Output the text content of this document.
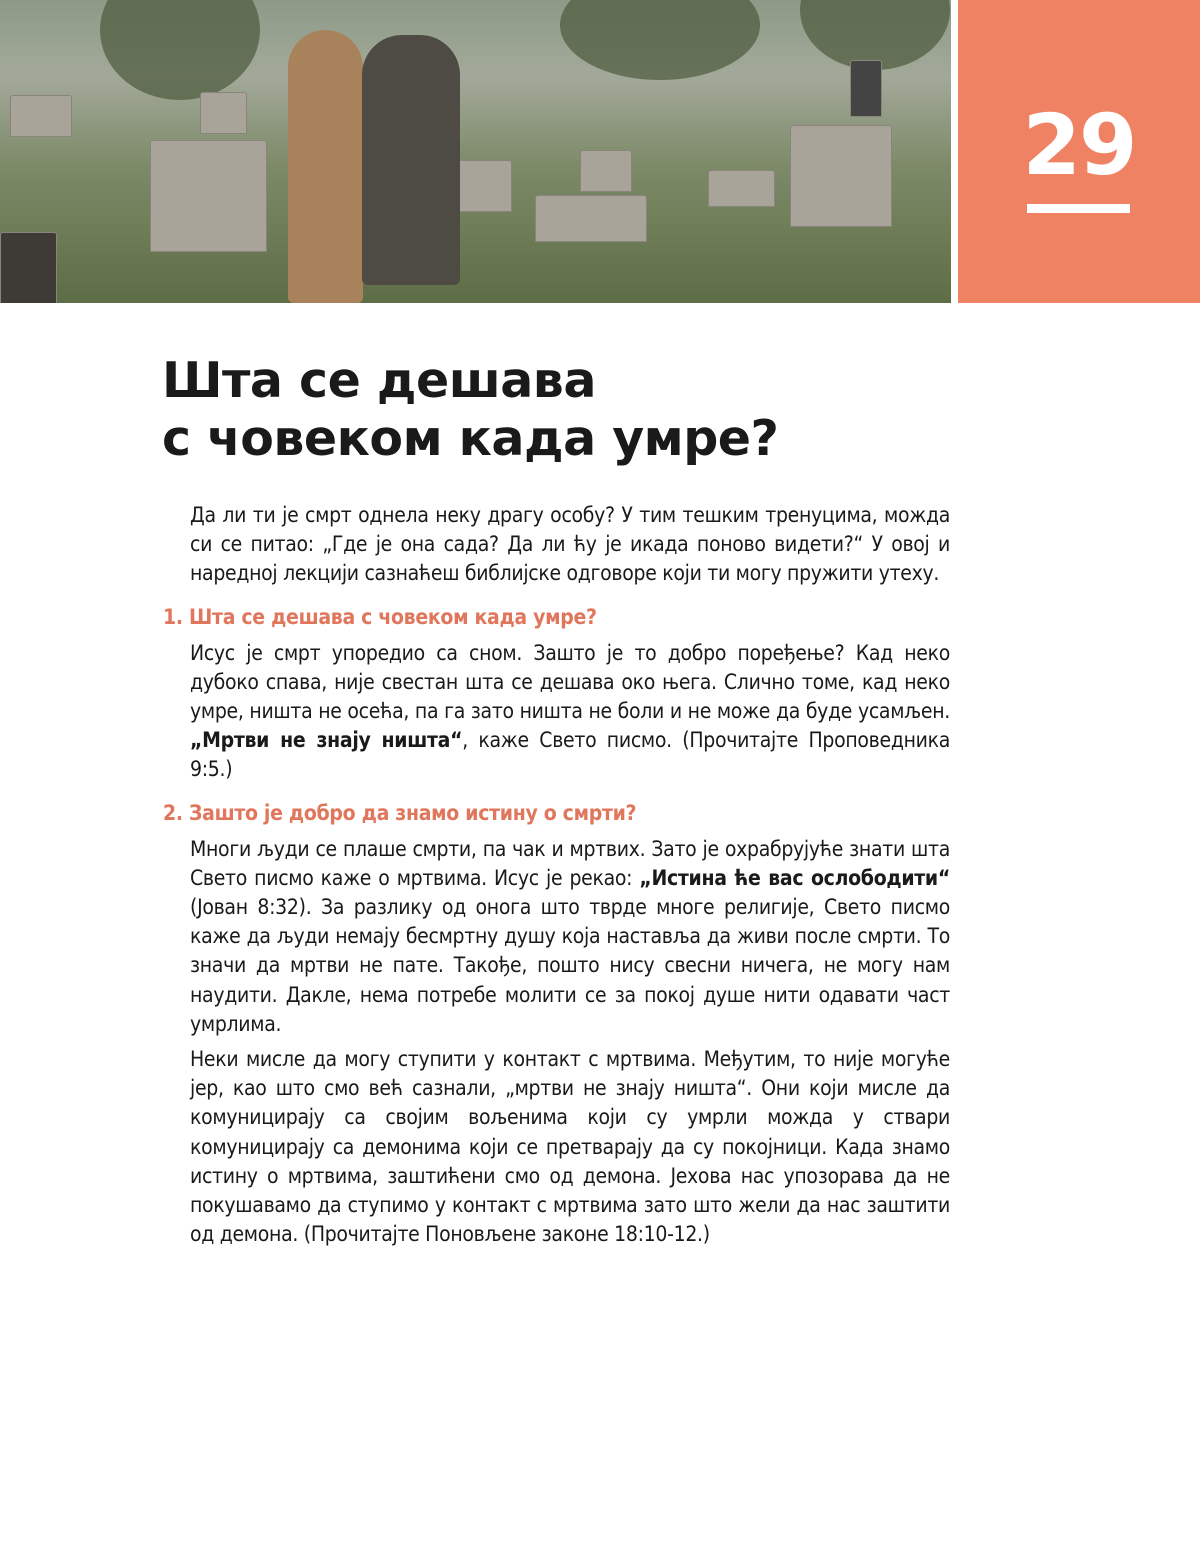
29
Шта се дешава
с човеком када умре?

Да ли ти је смрт однела неку драгу особу? У тим тешким тренуцима, можда си се питао: „Где је она сада? Да ли ћу је икада поново видети?“ У овој и наредној лекцији сазнаћеш библијске одговоре који ти могу пружити утеху.

1. Шта се дешава с човеком када умре?

Исус је смрт упоредио са сном. Зашто је то добро поређење? Кад неко дубоко спава, није свестан шта се дешава око њега. Слично томе, кад неко умре, ништа не осећа, па га зато ништа не боли и не може да буде усамљен. „Мртви не знају ништа“, каже Свето писмо. (Прочитајте Проповедника 9:5.)

2. Зашто је добро да знамо истину о смрти?

Многи људи се плаше смрти, па чак и мртвих. Зато је охрабрујуће знати шта Свето писмо каже о мртвима. Исус је рекао: „Истина ће вас ослободити“ (Јован 8:32). За разлику од онога што тврде многе религије, Свето писмо каже да људи немају бесмртну душу која наставља да живи после смрти. То значи да мртви не пате. Такође, пошто нису свесни ничега, не могу нам наудити. Дакле, нема потребе молити се за покој душе нити одавати част умрлима.

Неки мисле да могу ступити у контакт с мртвима. Међутим, то није могуће јер, као што смо већ сазнали, „мртви не знају ништа“. Они који мисле да комуницирају са својим вољенима који су умрли можда у ствари комуницирају са демонима који се претварају да су покојници. Када знамо истину о мртвима, заштићени смо од демона. Јехова нас упозорава да не покушавамо да ступимо у контакт с мртвима зато што жели да нас заштити од демона. (Прочитајте Поновљене законе 18:10-12.)
